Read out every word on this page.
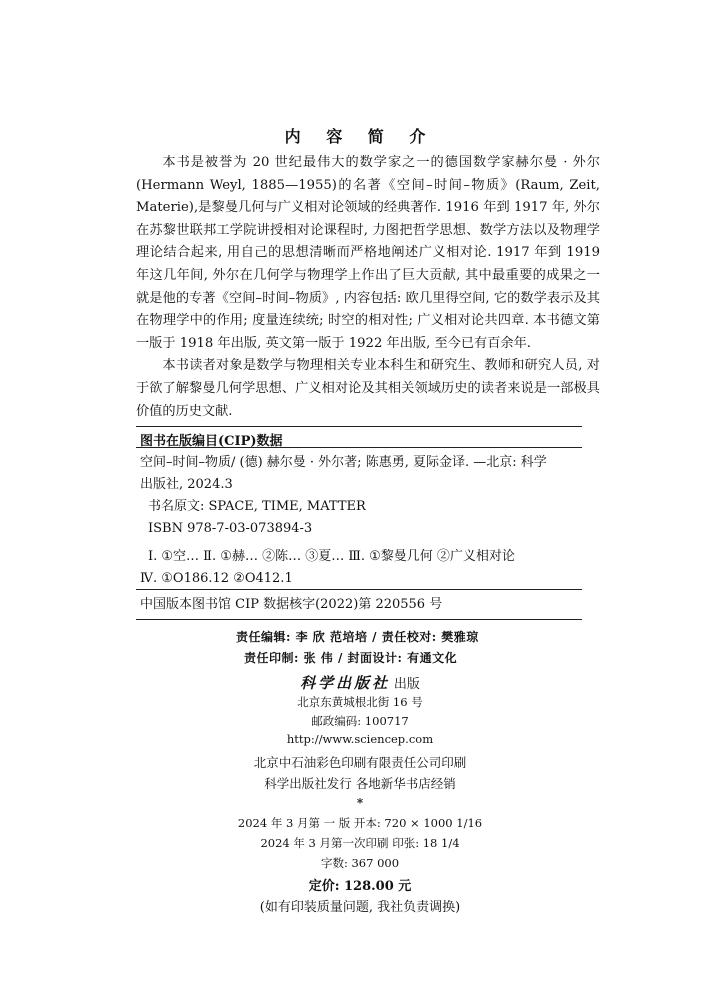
内 容 简 介

本书是被誉为 20 世纪最伟大的数学家之一的德国数学家赫尔曼 · 外尔(Hermann Weyl, 1885—1955)的名著《空间–时间–物质》(Raum, Zeit, Materie),是黎曼几何与广义相对论领域的经典著作. 1916 年到 1917 年, 外尔在苏黎世联邦工学院讲授相对论课程时, 力图把哲学思想、数学方法以及物理学理论结合起来, 用自己的思想清晰而严格地阐述广义相对论. 1917 年到 1919 年这几年间, 外尔在几何学与物理学上作出了巨大贡献, 其中最重要的成果之一就是他的专著《空间–时间–物质》, 内容包括: 欧几里得空间, 它的数学表示及其在物理学中的作用; 度量连续统; 时空的相对性; 广义相对论共四章. 本书德文第一版于 1918 年出版, 英文第一版于 1922 年出版, 至今已有百余年.

本书读者对象是数学与物理相关专业本科生和研究生、教师和研究人员, 对于欲了解黎曼几何学思想、广义相对论及其相关领域历史的读者来说是一部极具价值的历史文献.

图书在版编目(CIP)数据
空间–时间–物质/ (德) 赫尔曼 · 外尔著; 陈惠勇, 夏际金译. —北京: 科学
出版社, 2024.3
书名原文: SPACE, TIME, MATTER
ISBN 978-7-03-073894-3
Ⅰ. ①空… Ⅱ. ①赫… ②陈… ③夏… Ⅲ. ①黎曼几何 ②广义相对论
Ⅳ. ①O186.12 ②O412.1
中国版本图书馆 CIP 数据核字(2022)第 220556 号
责任编辑: 李 欣 范培培 / 责任校对: 樊雅琼
责任印制: 张 伟 / 封面设计: 有通文化
科学出版社 出版
北京东黄城根北街 16 号
邮政编码: 100717
http://www.sciencep.com
北京中石油彩色印刷有限责任公司印刷
科学出版社发行 各地新华书店经销
*
2024 年 3 月第 一 版 开本: 720 × 1000 1/16
2024 年 3 月第一次印刷 印张: 18 1/4
字数: 367 000
定价: 128.00 元
(如有印装质量问题, 我社负责调换)
